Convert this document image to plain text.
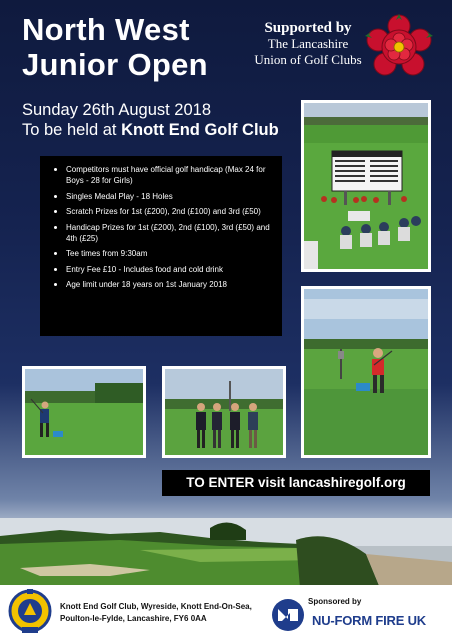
North West
Junior Open
Supported by
The Lancashire
Union of Golf Clubs
Sunday 26th August 2018
To be held at Knott End Golf Club
• Competitors must have official golf handicap (Max 24 for Boys - 28 for Girls)
• Singles Medal Play - 18 Holes
• Scratch Prizes for 1st (£200), 2nd (£100) and 3rd (£50)
• Handicap Prizes for 1st (£200), 2nd (£100), 3rd (£50) and 4th (£25)
• Tee times from 9:30am
• Entry Fee £10 - Includes food and cold drink
• Age limit under 18 years on 1st January 2018
TO ENTER visit lancashiregolf.org
Knott End Golf Club, Wyreside, Knott End-On-Sea,
Poulton-le-Fylde, Lancashire, FY6 0AA
Sponsored by
NU-FORM FIRE UK
